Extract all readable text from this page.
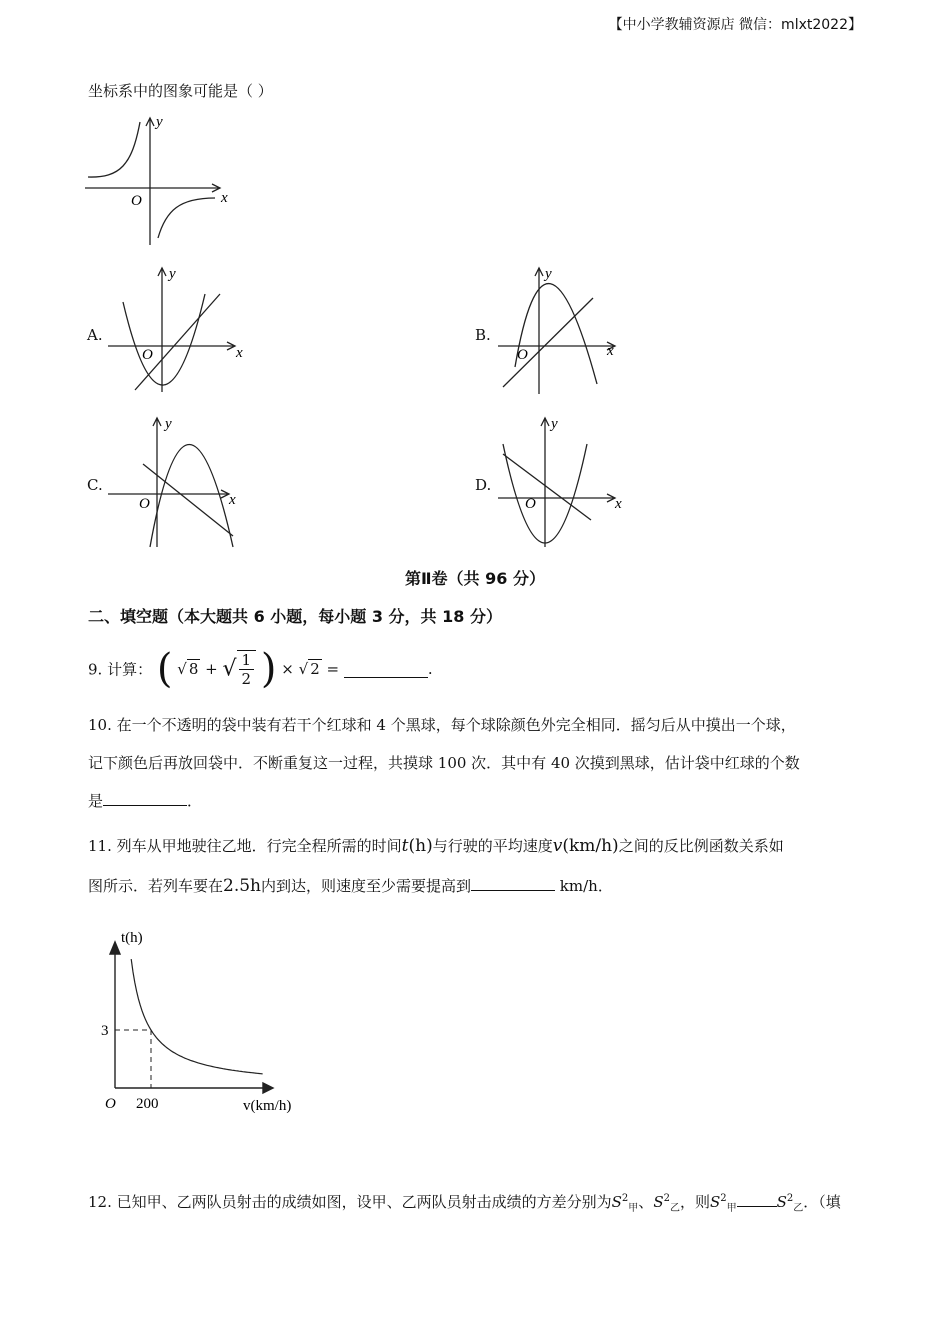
【中小学教辅资源店 微信：mlxt2022】
坐标系中的图象可能是（ ）
x
y
O
A.
x
y
O
B.
x
y
O
C.
x
y
O
D.
x
y
O
第Ⅱ卷（共 96 分）
二、填空题（本大题共 6 小题，每小题 3 分，共 18 分）
9. 计算： ( √ 8 + √ $\frac{1}{2}$ ) × √ 2 =	.
10. 在一个不透明的袋中装有若干个红球和 4 个黑球，每个球除颜色外完全相同．摇匀后从中摸出一个球，
记下颜色后再放回袋中．不断重复这一过程，共摸球 100 次．其中有 40 次摸到黑球，估计袋中红球的个数
是	．
11. 列车从甲地驶往乙地．行完全程所需的时间t(h)与行驶的平均速度v(km/h)之间的反比例函数关系如
图所示．若列车要在2.5h内到达，则速度至少需要提高到	km/h．
t(h)
v(km/h)
O
3
200
12. 已知甲、乙两队员射击的成绩如图，设甲、乙两队员射击成绩的方差分别为$S^2_甲$、$S^2_乙$，则$S^2_甲$	$S^2_乙$．（填
